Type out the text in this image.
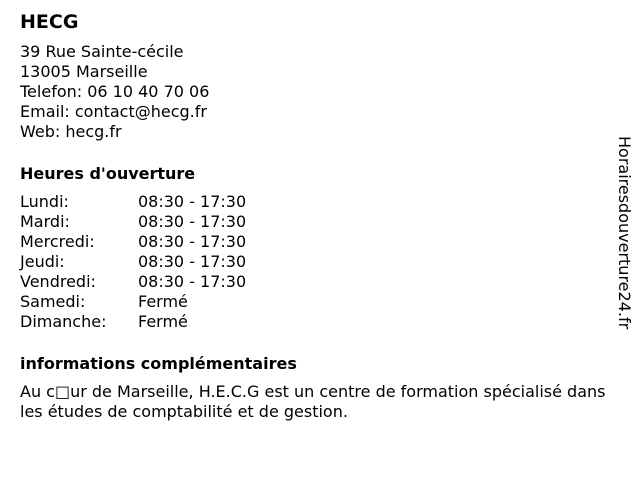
HECG
39 Rue Sainte-cécile
13005 Marseille
Telefon: 06 10 40 70 06
Email: contact@hecg.fr
Web: hecg.fr
Heures d'ouverture
Lundi:	08:30 - 17:30
Mardi:	08:30 - 17:30
Mercredi:	08:30 - 17:30
Jeudi:	08:30 - 17:30
Vendredi:	08:30 - 17:30
Samedi:	Fermé
Dimanche:	Fermé
informations complémentaires
Au c□ur de Marseille, H.E.C.G est un centre de formation spécialisé dans les études de comptabilité et de gestion.
Horairesdouverture24.fr
